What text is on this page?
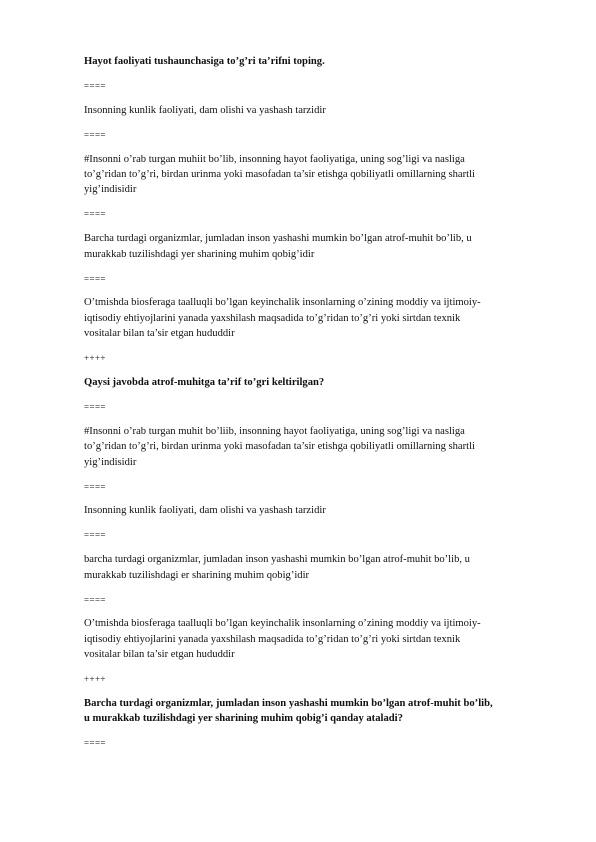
Hayot faoliyati tushaunchasiga to’g’ri ta’rifni toping.
====
Insonning kunlik faoliyati, dam olishi va yashash tarzidir
====
#Insonni o’rab turgan muhiit bo’lib, insonning hayot faoliyatiga, uning sog’ligi va nasliga
to’g’ridan to’g’ri, birdan urinma yoki masofadan ta’sir etishga qobiliyatli omillarning shartli
yig’indisidir
====
Barcha turdagi organizmlar, jumladan inson yashashi mumkin bo’lgan atrof-muhit bo’lib, u
murakkab tuzilishdagi yer sharining muhim qobig’idir
====
O’tmishda biosferaga taalluqli bo’lgan keyinchalik insonlarning o’zining moddiy va ijtimoiy-
iqtisodiy ehtiyojlarini yanada yaxshilash maqsadida to’g’ridan to’g’ri yoki sirtdan texnik
vositalar bilan ta’sir etgan hududdir
++++
Qaysi javobda atrof-muhitga ta’rif to’gri keltirilgan?
====
#Insonni o’rab turgan muhit bo’liib, insonning hayot faoliyatiga, uning sog’ligi va nasliga
to’g’ridan to’g’ri, birdan urinma yoki masofadan ta’sir etishga qobiliyatli omillarning shartli
yig’indisidir
====
Insonning kunlik faoliyati, dam olishi va yashash tarzidir
====
barcha turdagi organizmlar, jumladan inson yashashi mumkin bo’lgan atrof-muhit bo’lib, u
murakkab tuzilishdagi er sharining muhim qobig’idir
====
O’tmishda biosferaga taalluqli bo’lgan keyinchalik insonlarning o’zining moddiy va ijtimoiy-
iqtisodiy ehtiyojlarini yanada yaxshilash maqsadida to’g’ridan to’g’ri yoki sirtdan texnik
vositalar bilan ta’sir etgan hududdir
++++
Barcha turdagi organizmlar, jumladan inson yashashi mumkin bo’lgan atrof-muhit bo’lib,
u murakkab tuzilishdagi yer sharining muhim qobig’i qanday ataladi?
====
